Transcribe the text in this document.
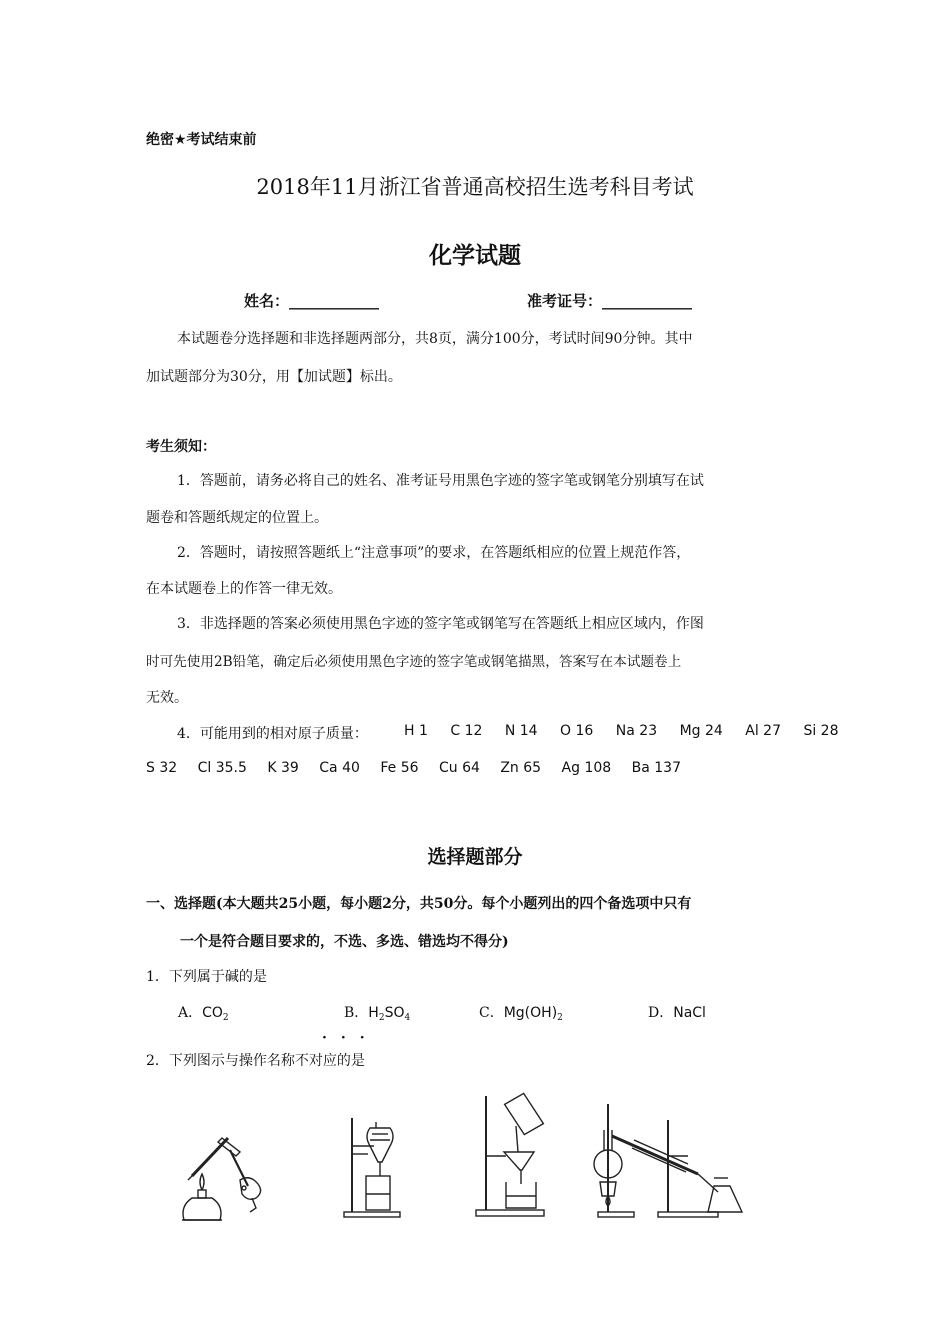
绝密★考试结束前
2018年11月浙江省普通高校招生选考科目考试
化学试题
姓名：____________	准考证号：____________
本试题卷分选择题和非选择题两部分，共8页，满分100分，考试时间90分钟。其中
加试题部分为30分，用【加试题】标出。
考生须知：
1．答题前，请务必将自己的姓名、准考证号用黑色字迹的签字笔或钢笔分别填写在试
题卷和答题纸规定的位置上。
2．答题时，请按照答题纸上“注意事项”的要求，在答题纸相应的位置上规范作答，
在本试题卷上的作答一律无效。
3．非选择题的答案必须使用黑色字迹的签字笔或钢笔写在答题纸上相应区域内，作图
时可先使用2B铅笔，确定后必须使用黑色字迹的签字笔或钢笔描黑，答案写在本试题卷上
无效。
4．可能用到的相对原子质量：	H 1 C 12 N 14 O 16 Na 23 Mg 24 Al 27 Si 28
S 32 Cl 35.5 K 39 Ca 40 Fe 56 Cu 64 Zn 65 Ag 108 Ba 137
选择题部分
一、选择题(本大题共25小题，每小题2分，共50分。每个小题列出的四个备选项中只有
一个是符合题目要求的，不选、多选、错选均不得分)
1．下列属于碱的是
A．$CO_2$	B．$H_2SO_4$	C．$Mg(OH)_2$	D．NaCl
···
2．下列图示与操作名称不对应的是
